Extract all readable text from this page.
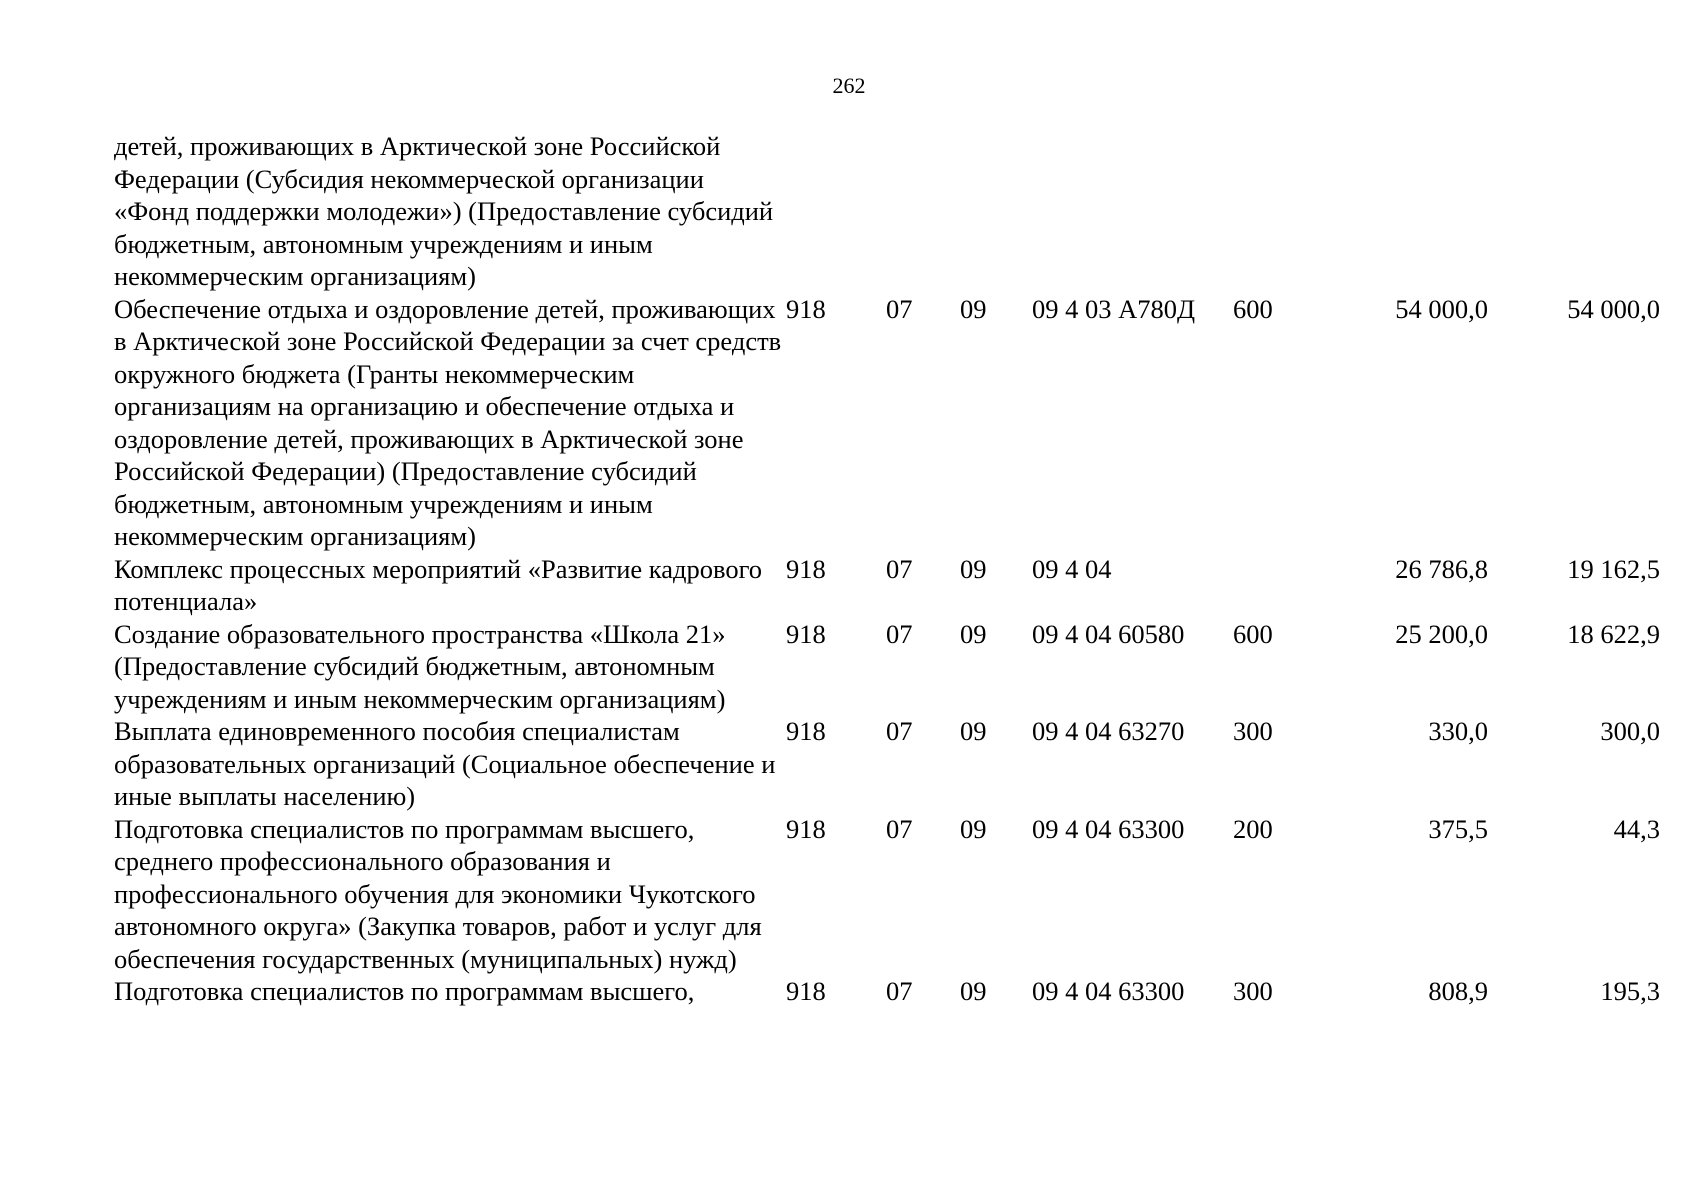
262
детей, проживающих в Арктической зоне Российской Федерации (Субсидия некоммерческой организации «Фонд поддержки молодежи») (Предоставление субсидий бюджетным, автономным учреждениям и иным некоммерческим организациям)							
Обеспечение отдыха и оздоровление детей, проживающих в Арктической зоне Российской Федерации за счет средств окружного бюджета (Гранты некоммерческим организациям на организацию и обеспечение отдыха и оздоровление детей, проживающих в Арктической зоне Российской Федерации) (Предоставление субсидий бюджетным, автономным учреждениям и иным некоммерческим организациям)	918	07	09	09 4 03 А780Д	600	54 000,0	54 000,0
Комплекс процессных мероприятий «Развитие кадрового потенциала»	918	07	09	09 4 04		26 786,8	19 162,5
Создание образовательного пространства «Школа 21» (Предоставление субсидий бюджетным, автономным учреждениям и иным некоммерческим организациям)	918	07	09	09 4 04 60580	600	25 200,0	18 622,9
Выплата единовременного пособия специалистам образовательных организаций (Социальное обеспечение и иные выплаты населению)	918	07	09	09 4 04 63270	300	330,0	300,0
Подготовка специалистов по программам высшего, среднего профессионального образования и профессионального обучения для экономики Чукотского автономного округа» (Закупка товаров, работ и услуг для обеспечения государственных (муниципальных) нужд)	918	07	09	09 4 04 63300	200	375,5	44,3
Подготовка специалистов по программам высшего,	918	07	09	09 4 04 63300	300	808,9	195,3
